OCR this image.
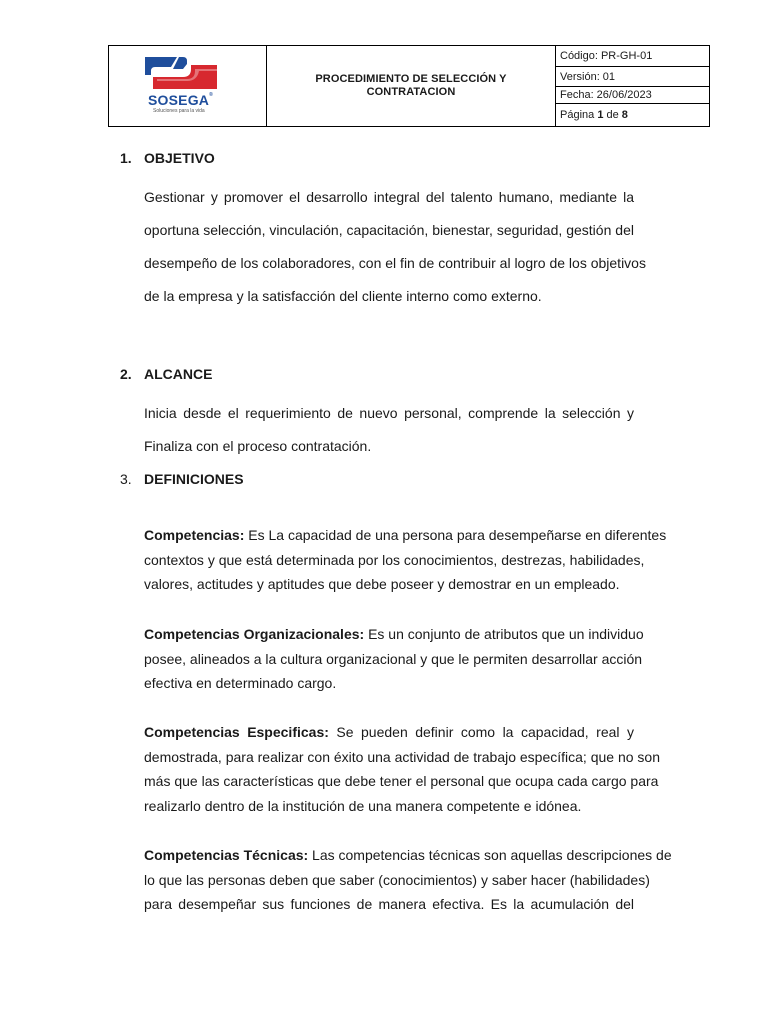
SOSEGA®
Soluciones para la vida
PROCEDIMIENTO DE SELECCIÓN Y
CONTRATACION
Código: PR-GH-01
Versión: 01
Fecha: 26/06/2023
Página 1 de 8
1. OBJETIVO
Gestionar y promover el desarrollo integral del talento humano, mediante la
oportuna selección, vinculación, capacitación, bienestar, seguridad, gestión del
desempeño de los colaboradores, con el fin de contribuir al logro de los objetivos
de la empresa y la satisfacción del cliente interno como externo.
2. ALCANCE
Inicia desde el requerimiento de nuevo personal, comprende la selección y
Finaliza con el proceso contratación.
3. DEFINICIONES
Competencias: Es La capacidad de una persona para desempeñarse en diferentes
contextos y que está determinada por los conocimientos, destrezas, habilidades,
valores, actitudes y aptitudes que debe poseer y demostrar en un empleado.
Competencias Organizacionales: Es un conjunto de atributos que un individuo
posee, alineados a la cultura organizacional y que le permiten desarrollar acción
efectiva en determinado cargo.
Competencias Especificas: Se pueden definir como la capacidad, real y
demostrada, para realizar con éxito una actividad de trabajo específica; que no son
más que las características que debe tener el personal que ocupa cada cargo para
realizarlo dentro de la institución de una manera competente e idónea.
Competencias Técnicas: Las competencias técnicas son aquellas descripciones de
lo que las personas deben que saber (conocimientos) y saber hacer (habilidades)
para desempeñar sus funciones de manera efectiva. Es la acumulación del
